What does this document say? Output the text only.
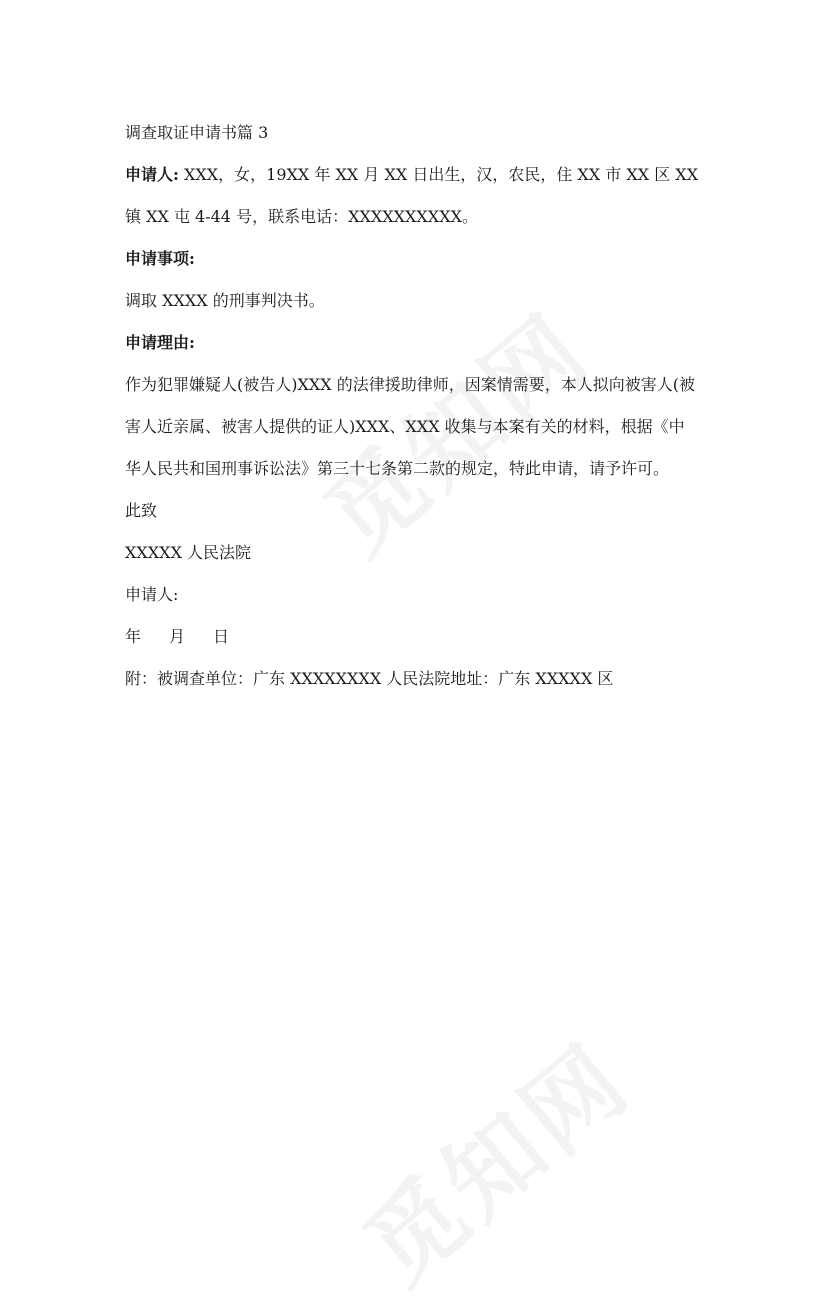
调查取证申请书篇 3

申请人: XXX，女，19XX 年 XX 月 XX 日出生，汉，农民，住 XX 市 XX 区 XX

镇 XX 屯 4-44 号，联系电话：XXXXXXXXXX。

申请事项:

调取 XXXX 的刑事判决书。

申请理由:

作为犯罪嫌疑人(被告人)XXX 的法律援助律师，因案情需要，本人拟向被害人(被

害人近亲属、被害人提供的证人)XXX、XXX 收集与本案有关的材料，根据《中

华人民共和国刑事诉讼法》第三十七条第二款的规定，特此申请，请予许可。

此致

XXXXX 人民法院

申请人:

年 月 日

附：被调查单位：广东 XXXXXXXX 人民法院地址：广东 XXXXX 区
